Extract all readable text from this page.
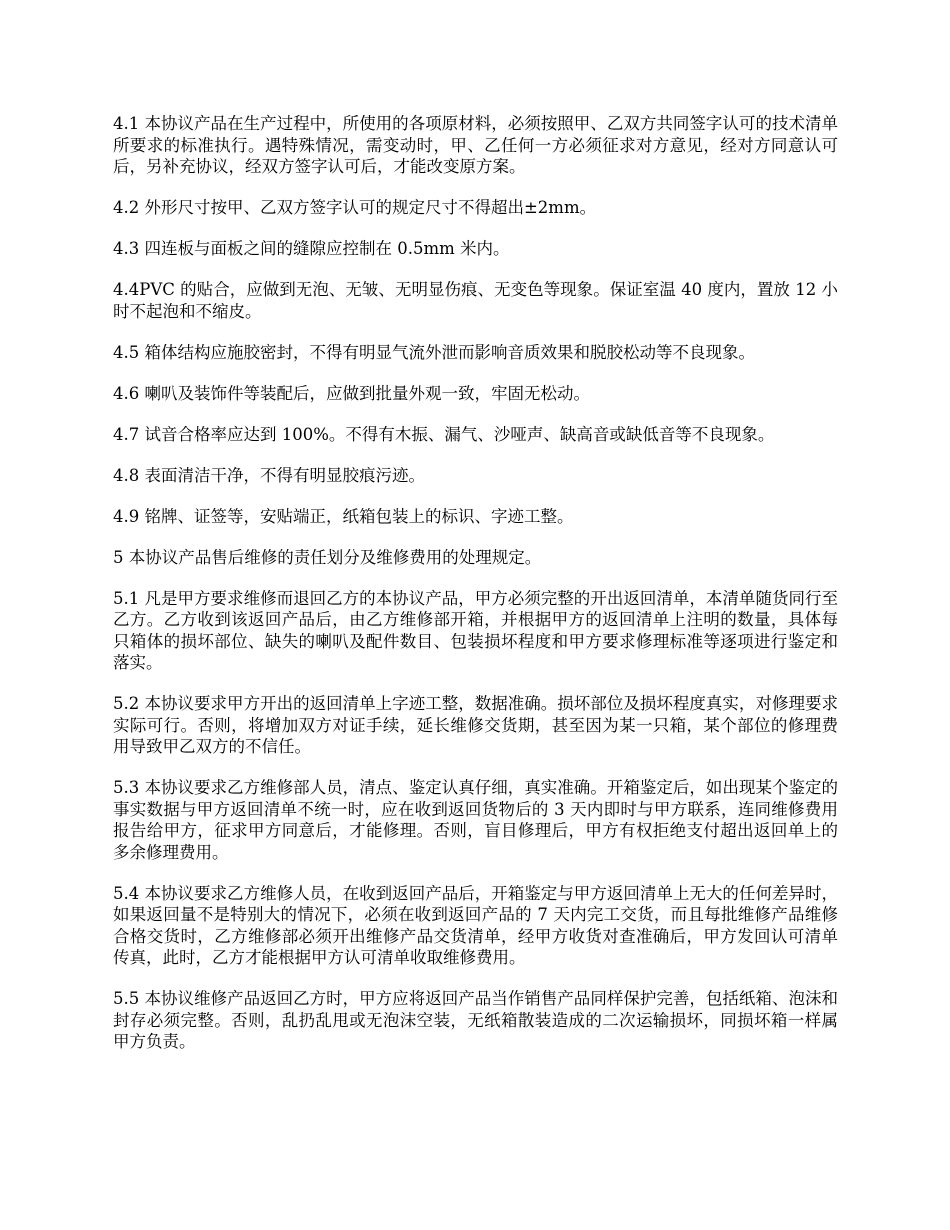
4.1 本协议产品在生产过程中，所使用的各项原材料，必须按照甲、乙双方共同签字认可的技术清单所要求的标准执行。遇特殊情况，需变动时，甲、乙任何一方必须征求对方意见，经对方同意认可后，另补充协议，经双方签字认可后，才能改变原方案。

4.2 外形尺寸按甲、乙双方签字认可的规定尺寸不得超出±2mm。

4.3 四连板与面板之间的缝隙应控制在 0.5mm 米内。

4.4PVC 的贴合，应做到无泡、无皱、无明显伤痕、无变色等现象。保证室温 40 度内，置放 12 小时不起泡和不缩皮。

4.5 箱体结构应施胶密封，不得有明显气流外泄而影响音质效果和脱胶松动等不良现象。

4.6 喇叭及装饰件等装配后，应做到批量外观一致，牢固无松动。

4.7 试音合格率应达到 100%。不得有木振、漏气、沙哑声、缺高音或缺低音等不良现象。

4.8 表面清洁干净，不得有明显胶痕污迹。

4.9 铭牌、证签等，安贴端正，纸箱包装上的标识、字迹工整。

5 本协议产品售后维修的责任划分及维修费用的处理规定。

5.1 凡是甲方要求维修而退回乙方的本协议产品，甲方必须完整的开出返回清单，本清单随货同行至乙方。乙方收到该返回产品后，由乙方维修部开箱，并根据甲方的返回清单上注明的数量，具体每只箱体的损坏部位、缺失的喇叭及配件数目、包装损坏程度和甲方要求修理标准等逐项进行鉴定和落实。

5.2 本协议要求甲方开出的返回清单上字迹工整，数据准确。损坏部位及损坏程度真实，对修理要求实际可行。否则，将增加双方对证手续，延长维修交货期，甚至因为某一只箱，某个部位的修理费用导致甲乙双方的不信任。

5.3 本协议要求乙方维修部人员，清点、鉴定认真仔细，真实准确。开箱鉴定后，如出现某个鉴定的事实数据与甲方返回清单不统一时，应在收到返回货物后的 3 天内即时与甲方联系，连同维修费用报告给甲方，征求甲方同意后，才能修理。否则，盲目修理后，甲方有权拒绝支付超出返回单上的多余修理费用。

5.4 本协议要求乙方维修人员，在收到返回产品后，开箱鉴定与甲方返回清单上无大的任何差异时，如果返回量不是特别大的情况下，必须在收到返回产品的 7 天内完工交货，而且每批维修产品维修合格交货时，乙方维修部必须开出维修产品交货清单，经甲方收货对查准确后，甲方发回认可清单传真，此时，乙方才能根据甲方认可清单收取维修费用。

5.5 本协议维修产品返回乙方时，甲方应将返回产品当作销售产品同样保护完善，包括纸箱、泡沫和封存必须完整。否则，乱扔乱甩或无泡沫空装，无纸箱散装造成的二次运输损坏，同损坏箱一样属甲方负责。
